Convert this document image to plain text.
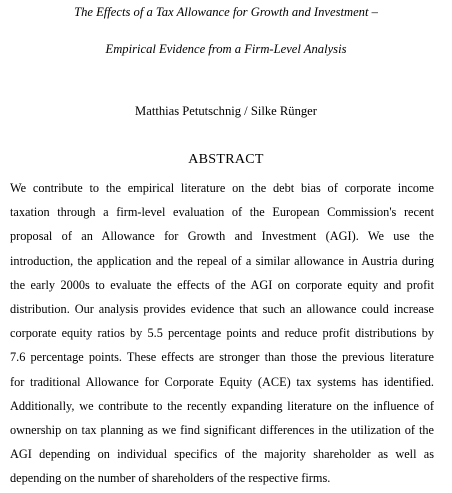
The Effects of a Tax Allowance for Growth and Investment –
Empirical Evidence from a Firm-Level Analysis
Matthias Petutschnig / Silke Rünger
ABSTRACT
We contribute to the empirical literature on the debt bias of corporate income
taxation through a firm-level evaluation of the European Commission's recent
proposal of an Allowance for Growth and Investment (AGI). We use the
introduction, the application and the repeal of a similar allowance in Austria during
the early 2000s to evaluate the effects of the AGI on corporate equity and profit
distribution. Our analysis provides evidence that such an allowance could increase
corporate equity ratios by 5.5 percentage points and reduce profit distributions by
7.6 percentage points. These effects are stronger than those the previous literature
for traditional Allowance for Corporate Equity (ACE) tax systems has identified.
Additionally, we contribute to the recently expanding literature on the influence of
ownership on tax planning as we find significant differences in the utilization of the
AGI depending on individual specifics of the majority shareholder as well as
depending on the number of shareholders of the respective firms.
